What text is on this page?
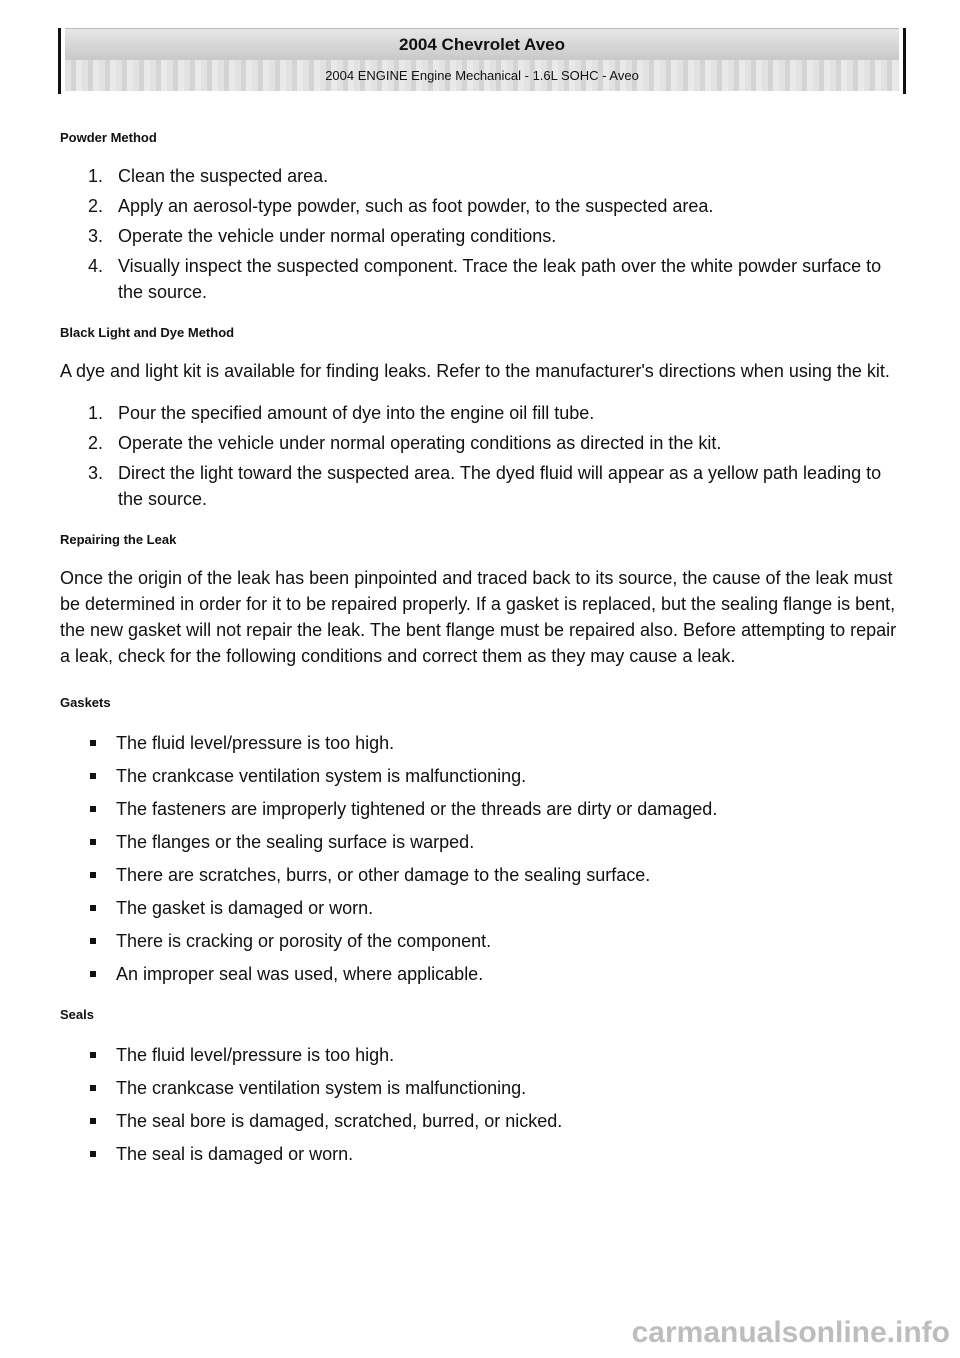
2004 Chevrolet Aveo
2004 ENGINE Engine Mechanical - 1.6L SOHC - Aveo
Powder Method
1. Clean the suspected area.
2. Apply an aerosol-type powder, such as foot powder, to the suspected area.
3. Operate the vehicle under normal operating conditions.
4. Visually inspect the suspected component. Trace the leak path over the white powder surface to the source.
Black Light and Dye Method

A dye and light kit is available for finding leaks. Refer to the manufacturer's directions when using the kit.

1. Pour the specified amount of dye into the engine oil fill tube.
2. Operate the vehicle under normal operating conditions as directed in the kit.
3. Direct the light toward the suspected area. The dyed fluid will appear as a yellow path leading to the source.
Repairing the Leak

Once the origin of the leak has been pinpointed and traced back to its source, the cause of the leak must be determined in order for it to be repaired properly. If a gasket is replaced, but the sealing flange is bent, the new gasket will not repair the leak. The bent flange must be repaired also. Before attempting to repair a leak, check for the following conditions and correct them as they may cause a leak.

Gaskets
The fluid level/pressure is too high.
The crankcase ventilation system is malfunctioning.
The fasteners are improperly tightened or the threads are dirty or damaged.
The flanges or the sealing surface is warped.
There are scratches, burrs, or other damage to the sealing surface.
The gasket is damaged or worn.
There is cracking or porosity of the component.
An improper seal was used, where applicable.
Seals
The fluid level/pressure is too high.
The crankcase ventilation system is malfunctioning.
The seal bore is damaged, scratched, burred, or nicked.
The seal is damaged or worn.
carmanualsonline.info
